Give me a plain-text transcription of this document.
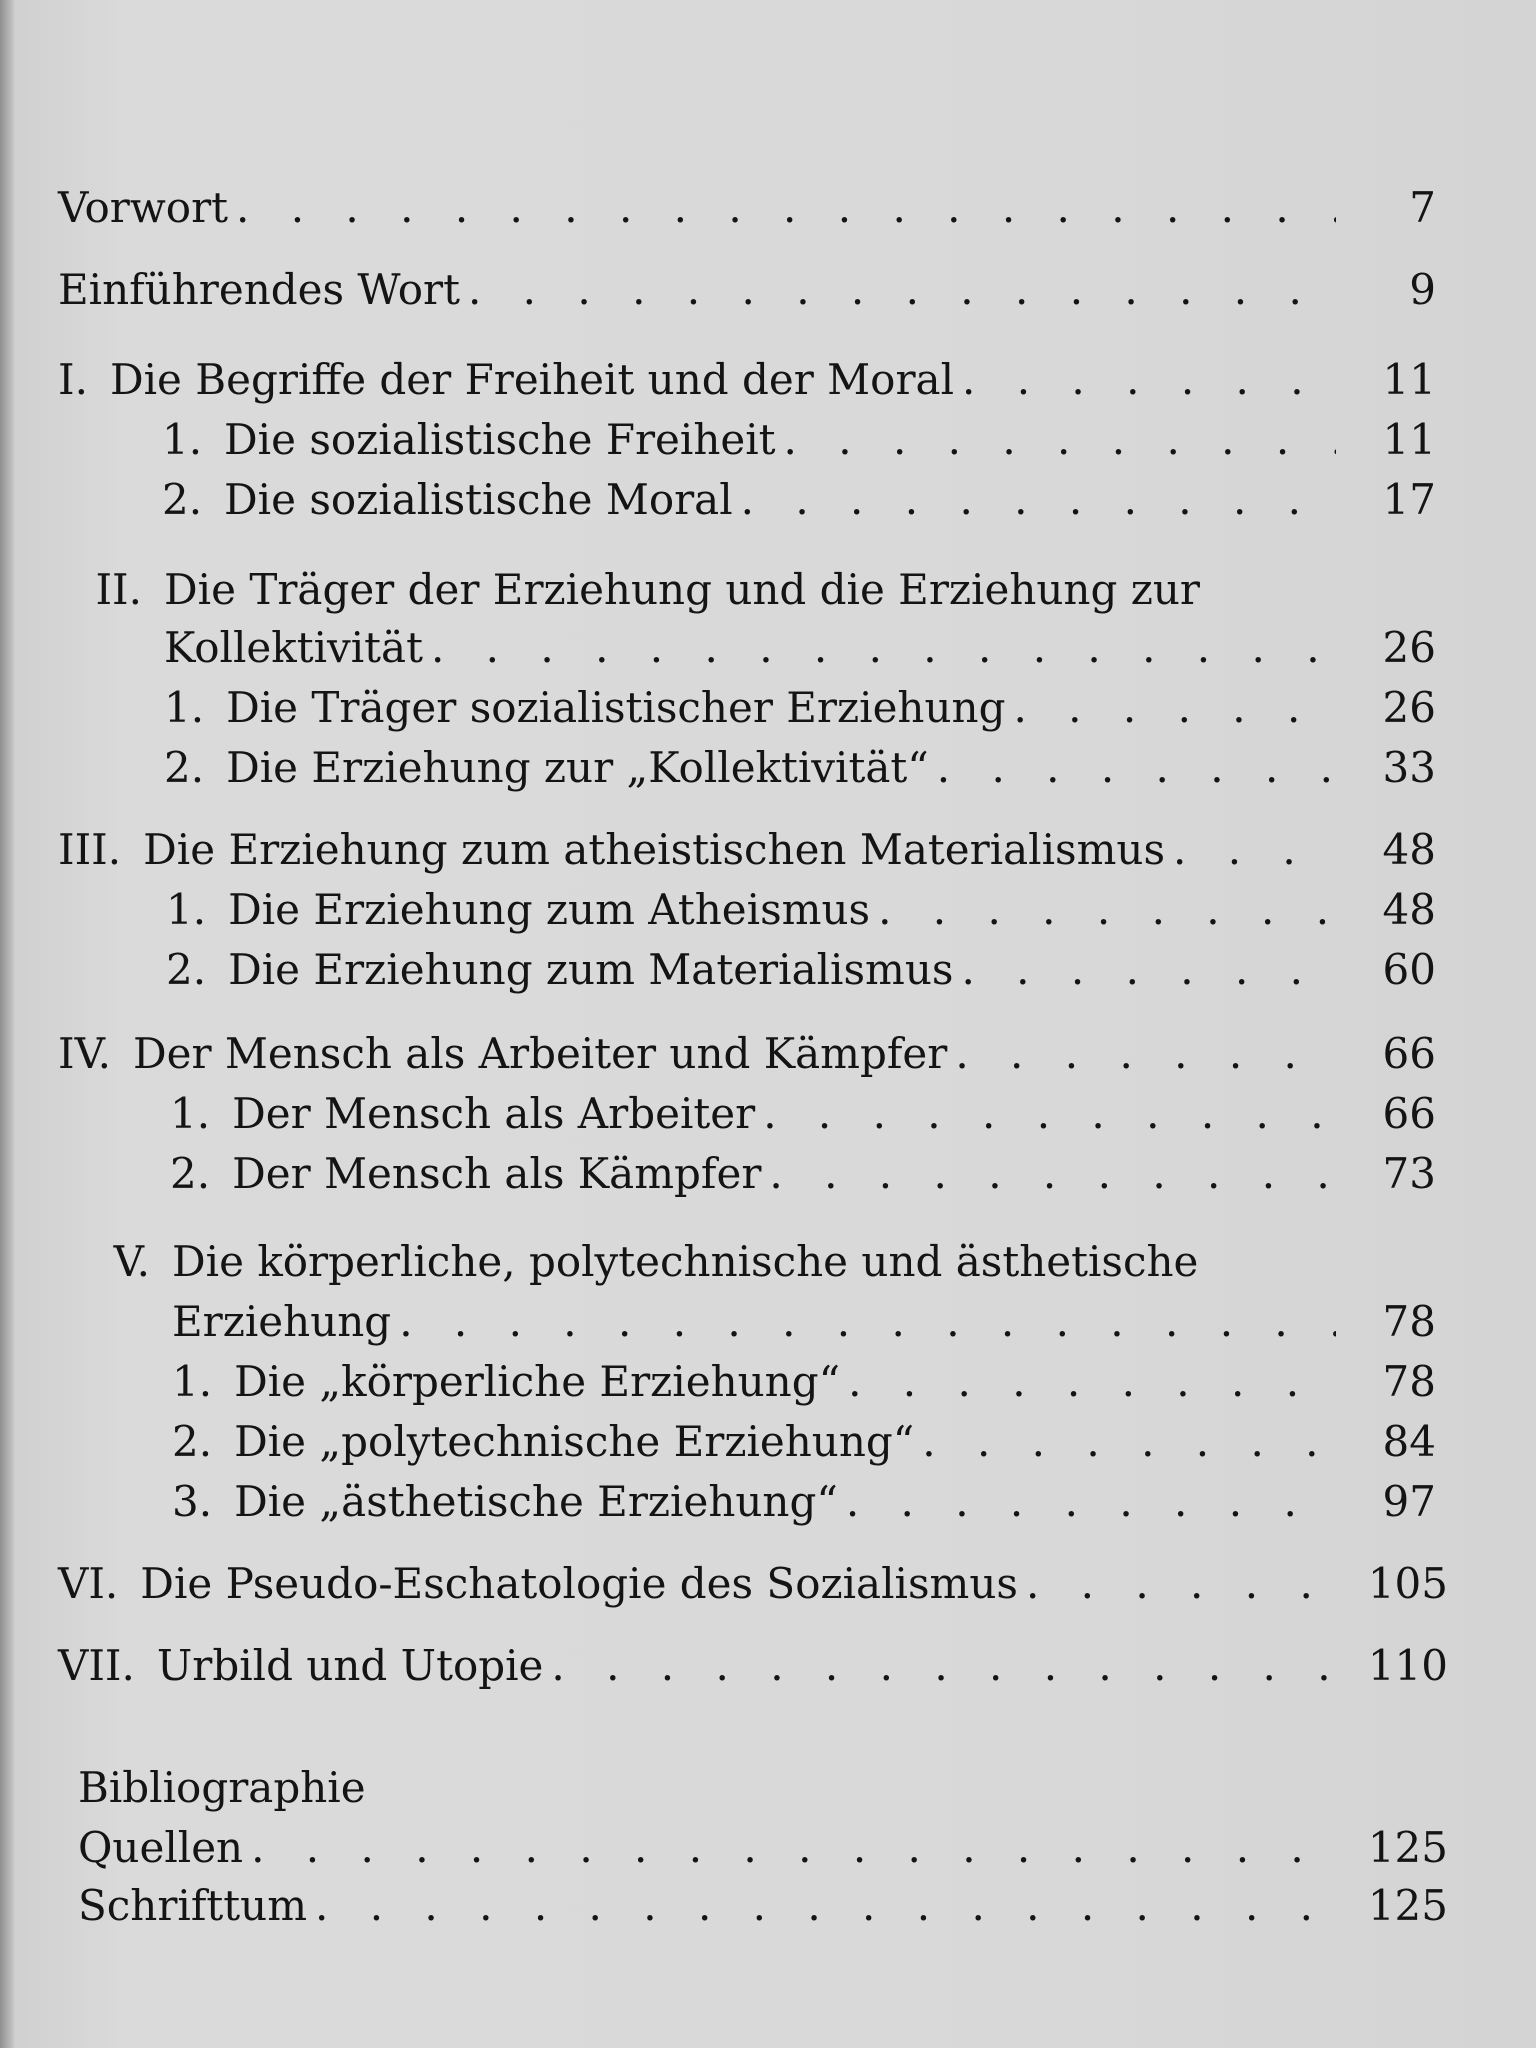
Vorwort . . .	7
Einführendes Wort . . .	9
I. Die Begriffe der Freiheit und der Moral . . .	11
1. Die sozialistische Freiheit . . .	11
2. Die sozialistische Moral . . .	17
II. Die Träger der Erziehung und die Erziehung zur
Kollektivität . . .	26
1. Die Träger sozialistischer Erziehung . . .	26
2. Die Erziehung zur „Kollektivität“ . . .	33
III. Die Erziehung zum atheistischen Materialismus . . .	48
1. Die Erziehung zum Atheismus . . .	48
2. Die Erziehung zum Materialismus . . .	60
IV. Der Mensch als Arbeiter und Kämpfer . . .	66
1. Der Mensch als Arbeiter . . .	66
2. Der Mensch als Kämpfer . . .	73
V. Die körperliche, polytechnische und ästhetische
Erziehung . . .	78
1. Die „körperliche Erziehung“ . . .	78
2. Die „polytechnische Erziehung“ . . .	84
3. Die „ästhetische Erziehung“ . . .	97
VI. Die Pseudo-Eschatologie des Sozialismus . . .	105
VII. Urbild und Utopie . . .	110
Bibliographie
Quellen . . .	125
Schrifttum . . .	125
